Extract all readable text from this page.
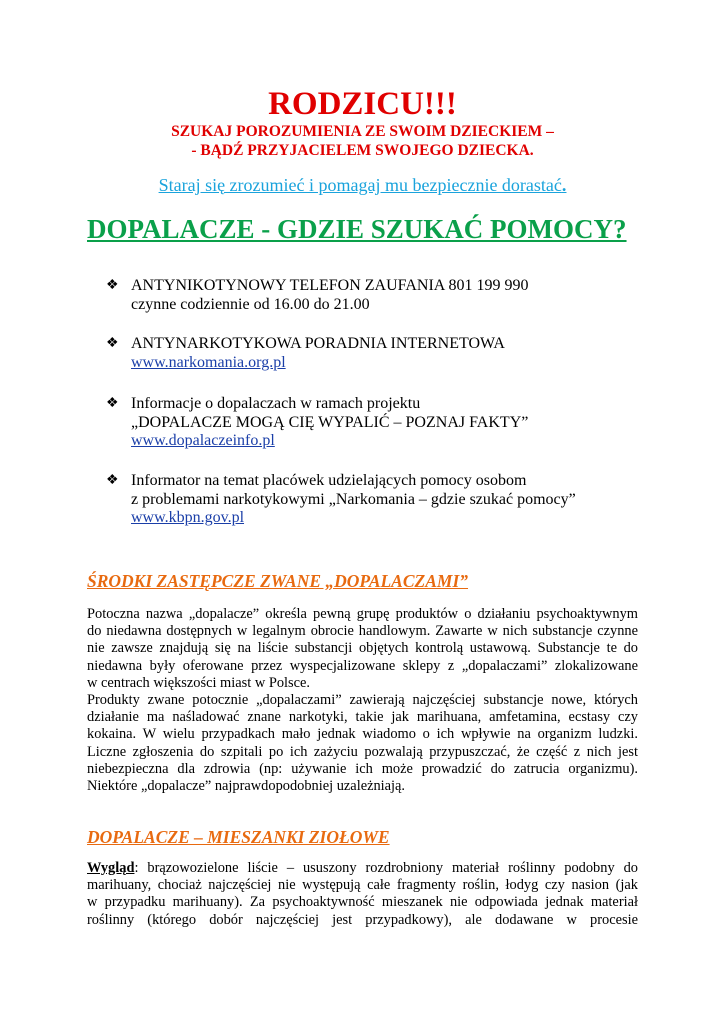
RODZICU!!!
SZUKAJ POROZUMIENIA ZE SWOIM DZIECKIEM –
- BĄDŹ PRZYJACIELEM SWOJEGO DZIECKA.
Staraj się zrozumieć i pomagaj mu bezpiecznie dorastać.
DOPALACZE - GDZIE SZUKAĆ POMOCY?
❖ ANTYNIKOTYNOWY TELEFON ZAUFANIA 801 199 990
czynne codziennie od 16.00 do 21.00
❖ ANTYNARKOTYKOWA PORADNIA INTERNETOWA
www.narkomania.org.pl
❖ Informacje o dopalaczach w ramach projektu
„DOPALACZE MOGĄ CIĘ WYPALIĆ – POZNAJ FAKTY”
www.dopalaczeinfo.pl
❖ Informator na temat placówek udzielających pomocy osobom
z problemami narkotykowymi „Narkomania – gdzie szukać pomocy”
www.kbpn.gov.pl
ŚRODKI ZASTĘPCZE ZWANE „DOPALACZAMI”
Potoczna nazwa „dopalacze” określa pewną grupę produktów o działaniu psychoaktywnym
do niedawna dostępnych w legalnym obrocie handlowym. Zawarte w nich substancje czynne
nie zawsze znajdują się na liście substancji objętych kontrolą ustawową. Substancje te do
niedawna były oferowane przez wyspecjalizowane sklepy z „dopalaczami” zlokalizowane
w centrach większości miast w Polsce.
Produkty zwane potocznie „dopalaczami” zawierają najczęściej substancje nowe, których
działanie ma naśladować znane narkotyki, takie jak marihuana, amfetamina, ecstasy czy
kokaina. W wielu przypadkach mało jednak wiadomo o ich wpływie na organizm ludzki.
Liczne zgłoszenia do szpitali po ich zażyciu pozwalają przypuszczać, że część z nich jest
niebezpieczna dla zdrowia (np: używanie ich może prowadzić do zatrucia organizmu).
Niektóre „dopalacze” najprawdopodobniej uzależniają.
DOPALACZE – MIESZANKI ZIOŁOWE
Wygląd: brązowozielone liście – ususzony rozdrobniony materiał roślinny podobny do
marihuany, chociaż najczęściej nie występują całe fragmenty roślin, łodyg czy nasion (jak
w przypadku marihuany). Za psychoaktywność mieszanek nie odpowiada jednak materiał
roślinny (którego dobór najczęściej jest przypadkowy), ale dodawane w procesie
